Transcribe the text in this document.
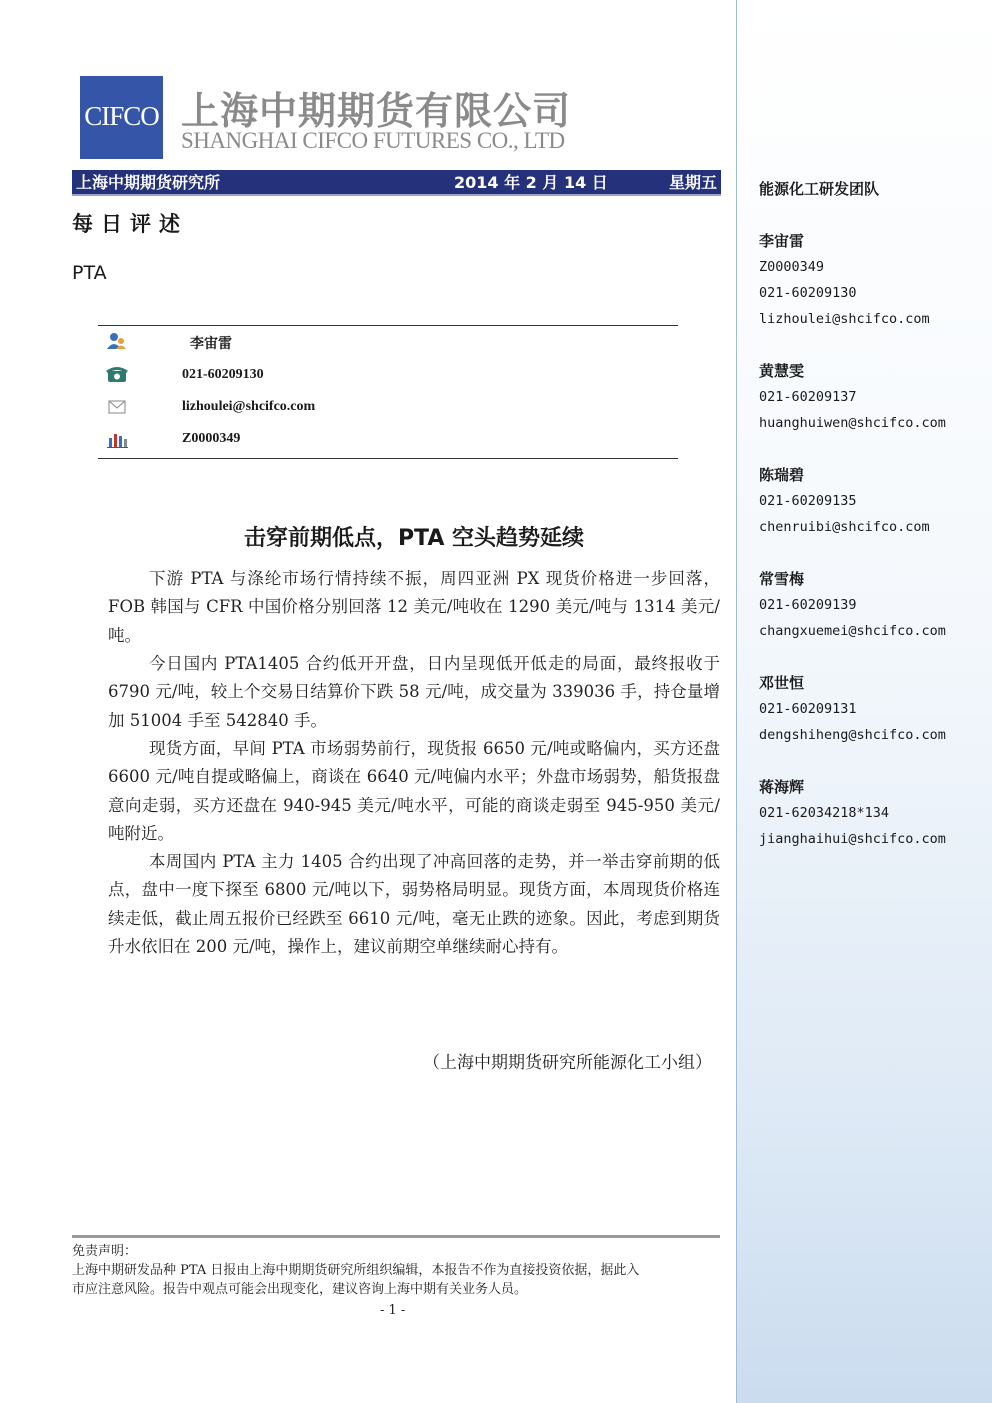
能源化工研发团队
李宙雷
Z0000349
021-60209130
lizhoulei@shcifco.com
黄慧雯
021-60209137
huanghuiwen@shcifco.com
陈瑞碧
021-60209135
chenruibi@shcifco.com
常雪梅
021-60209139
changxuemei@shcifco.com
邓世恒
021-60209131
dengshiheng@shcifco.com
蒋海辉
021-62034218*134
jianghaihui@shcifco.com
CIFCO 上海中期期货有限公司
SHANGHAI CIFCO FUTURES CO., LTD
上海中期期货研究所	2014 年 2 月 14 日	星期五
每日评述
PTA
李宙雷
021-60209130
lizhoulei@shcifco.com
Z0000349
击穿前期低点，PTA 空头趋势延续
下游 PTA 与涤纶市场行情持续不振，周四亚洲 PX 现货价格进一步回落，FOB 韩国与 CFR 中国价格分别回落 12 美元/吨收在 1290 美元/吨与 1314 美元/吨。
今日国内 PTA1405 合约低开开盘，日内呈现低开低走的局面，最终报收于 6790 元/吨，较上个交易日结算价下跌 58 元/吨，成交量为 339036 手，持仓量增加 51004 手至 542840 手。
现货方面，早间 PTA 市场弱势前行，现货报 6650 元/吨或略偏内，买方还盘 6600 元/吨自提或略偏上，商谈在 6640 元/吨偏内水平；外盘市场弱势，船货报盘意向走弱，买方还盘在 940-945 美元/吨水平，可能的商谈走弱至 945-950 美元/吨附近。
本周国内 PTA 主力 1405 合约出现了冲高回落的走势，并一举击穿前期的低点，盘中一度下探至 6800 元/吨以下，弱势格局明显。现货方面，本周现货价格连续走低，截止周五报价已经跌至 6610 元/吨，毫无止跌的迹象。因此，考虑到期货升水依旧在 200 元/吨，操作上，建议前期空单继续耐心持有。
（上海中期期货研究所能源化工小组）
免责声明：
上海中期研发品种 PTA 日报由上海中期期货研究所组织编辑，本报告不作为直接投资依据，据此入
市应注意风险。报告中观点可能会出现变化，建议咨询上海中期有关业务人员。
- 1 -
